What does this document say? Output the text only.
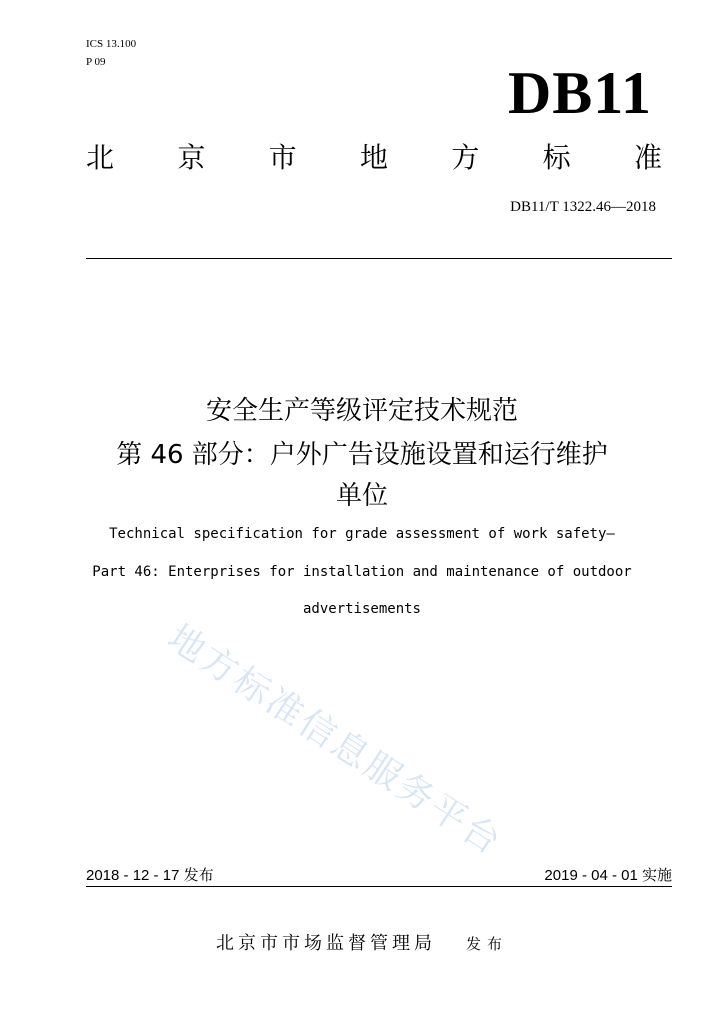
ICS 13.100
P 09	DB11
北 京 市 地 方 标 准
DB11/T 1322.46—2018
安全生产等级评定技术规范
第 46 部分：户外广告设施设置和运行维护
单位
Technical specification for grade assessment of work safety—
Part 46: Enterprises for installation and maintenance of outdoor
advertisements
地方标准信息服务平台
2018 - 12 - 17 发布	2019 - 04 - 01 实施
北京市市场监督管理局 发布
